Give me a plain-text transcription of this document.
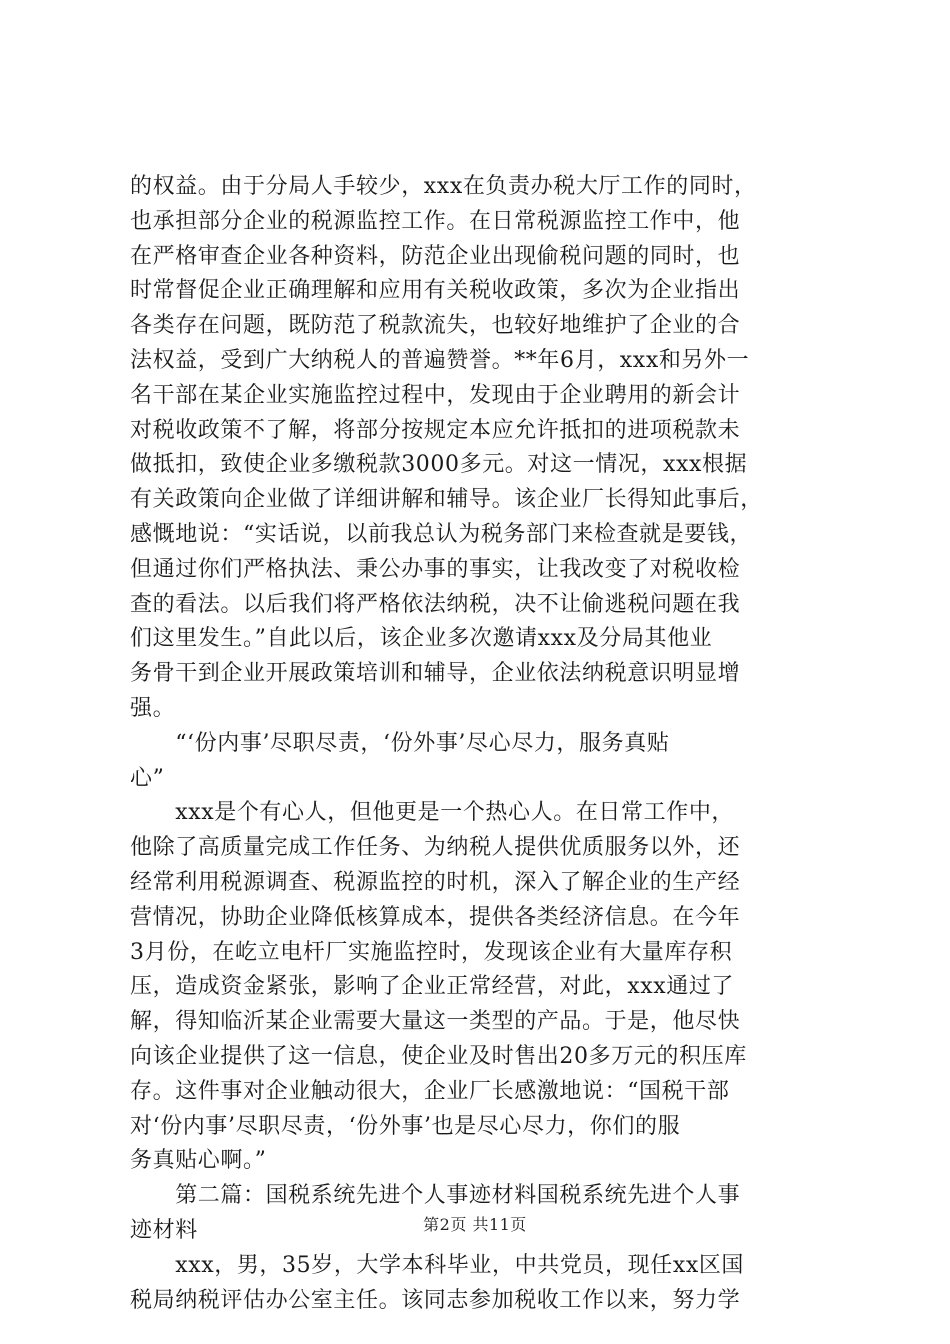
的权益。由于分局人手较少，xxx在负责办税大厅工作的同时，
也承担部分企业的税源监控工作。在日常税源监控工作中，他
在严格审查企业各种资料，防范企业出现偷税问题的同时，也
时常督促企业正确理解和应用有关税收政策，多次为企业指出
各类存在问题，既防范了税款流失，也较好地维护了企业的合
法权益，受到广大纳税人的普遍赞誉。**年6月，xxx和另外一
名干部在某企业实施监控过程中，发现由于企业聘用的新会计
对税收政策不了解，将部分按规定本应允许抵扣的进项税款未
做抵扣，致使企业多缴税款3000多元。对这一情况，xxx根据
有关政策向企业做了详细讲解和辅导。该企业厂长得知此事后，
感慨地说：“实话说，以前我总认为税务部门来检查就是要钱，
但通过你们严格执法、秉公办事的事实，让我改变了对税收检
查的看法。以后我们将严格依法纳税，决不让偷逃税问题在我
们这里发生。”自此以后，该企业多次邀请xxx及分局其他业
务骨干到企业开展政策培训和辅导，企业依法纳税意识明显增
强。
　　“‘份内事’尽职尽责，‘份外事’尽心尽力，服务真贴
心”
　　xxx是个有心人，但他更是一个热心人。在日常工作中，
他除了高质量完成工作任务、为纳税人提供优质服务以外，还
经常利用税源调查、税源监控的时机，深入了解企业的生产经
营情况，协助企业降低核算成本，提供各类经济信息。在今年
3月份，在屹立电杆厂实施监控时，发现该企业有大量库存积
压，造成资金紧张，影响了企业正常经营，对此，xxx通过了
解，得知临沂某企业需要大量这一类型的产品。于是，他尽快
向该企业提供了这一信息，使企业及时售出20多万元的积压库
存。这件事对企业触动很大，企业厂长感激地说：“国税干部
对‘份内事’尽职尽责，‘份外事’也是尽心尽力，你们的服
务真贴心啊。”
　　第二篇：国税系统先进个人事迹材料国税系统先进个人事
迹材料
　　xxx，男，35岁，大学本科毕业，中共党员，现任xx区国
税局纳税评估办公室主任。该同志参加税收工作以来，努力学
第2页 共11页
